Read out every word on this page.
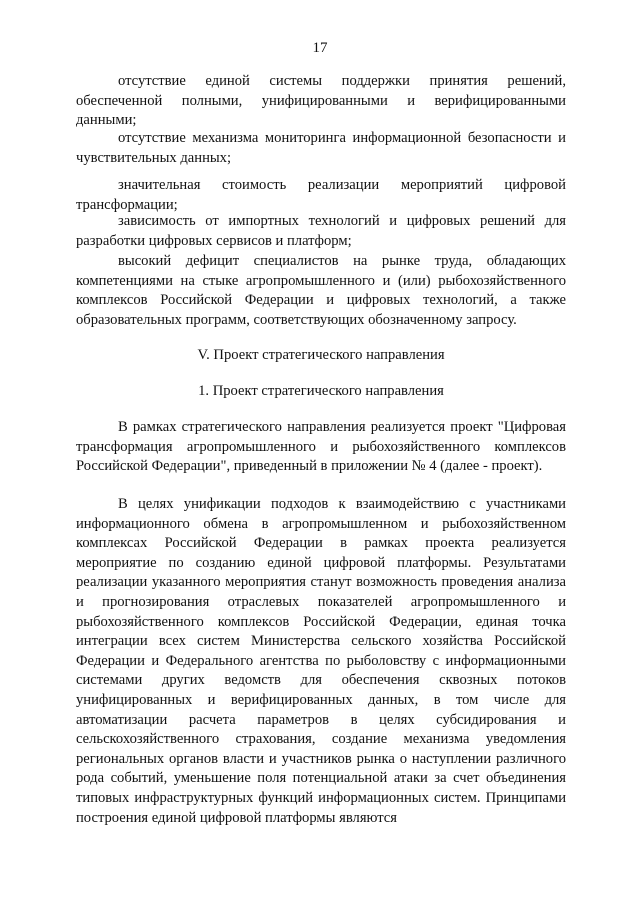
17

отсутствие единой системы поддержки принятия решений, обеспеченной полными, унифицированными и верифицированными данными;

отсутствие механизма мониторинга информационной безопасности и чувствительных данных;

значительная стоимость реализации мероприятий цифровой трансформации;

зависимость от импортных технологий и цифровых решений для разработки цифровых сервисов и платформ;

высокий дефицит специалистов на рынке труда, обладающих компетенциями на стыке агропромышленного и (или) рыбохозяйственного комплексов Российской Федерации и цифровых технологий, а также образовательных программ, соответствующих обозначенному запросу.

V. Проект стратегического направления

1. Проект стратегического направления

В рамках стратегического направления реализуется проект "Цифровая трансформация агропромышленного и рыбохозяйственного комплексов Российской Федерации", приведенный в приложении № 4 (далее - проект).

В целях унификации подходов к взаимодействию с участниками информационного обмена в агропромышленном и рыбохозяйственном комплексах Российской Федерации в рамках проекта реализуется мероприятие по созданию единой цифровой платформы. Результатами реализации указанного мероприятия станут возможность проведения анализа и прогнозирования отраслевых показателей агропромышленного и рыбохозяйственного комплексов Российской Федерации, единая точка интеграции всех систем Министерства сельского хозяйства Российской Федерации и Федерального агентства по рыболовству с информационными системами других ведомств для обеспечения сквозных потоков унифицированных и верифицированных данных, в том числе для автоматизации расчета параметров в целях субсидирования и сельскохозяйственного страхования, создание механизма уведомления региональных органов власти и участников рынка о наступлении различного рода событий, уменьшение поля потенциальной атаки за счет объединения типовых инфраструктурных функций информационных систем. Принципами построения единой цифровой платформы являются
